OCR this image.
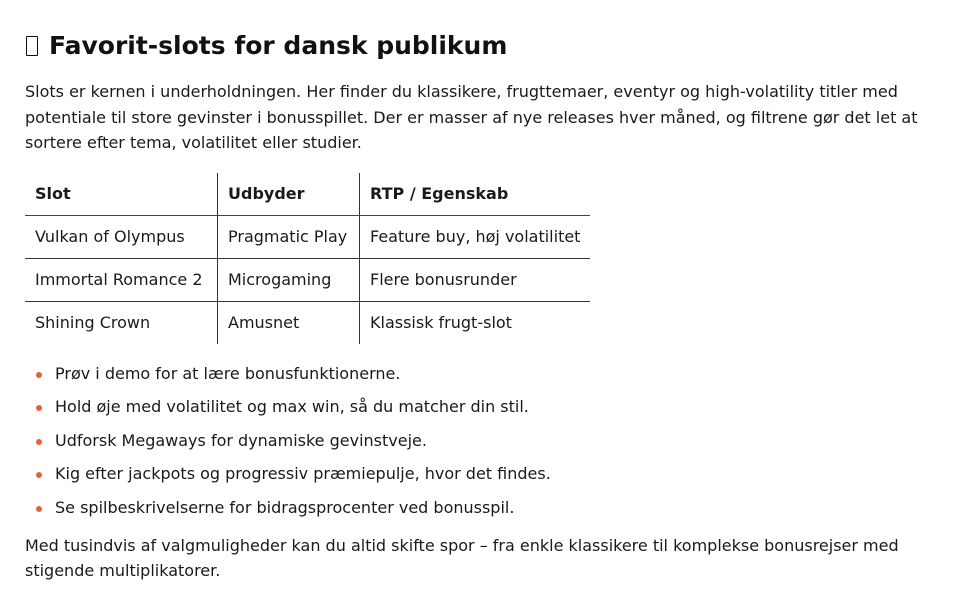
Favorit-slots for dansk publikum

Slots er kernen i underholdningen. Her finder du klassikere, frugttemaer, eventyr og high-volatility titler med potentiale til store gevinster i bonusspillet. Der er masser af nye releases hver måned, og filtrene gør det let at sortere efter tema, volatilitet eller studier.

Slot	Udbyder	RTP / Egenskab
Vulkan of Olympus	Pragmatic Play	Feature buy, høj volatilitet
Immortal Romance 2	Microgaming	Flere bonusrunder
Shining Crown	Amusnet	Klassisk frugt-slot
Prøv i demo for at lære bonusfunktionerne.
Hold øje med volatilitet og max win, så du matcher din stil.
Udforsk Megaways for dynamiske gevinstveje.
Kig efter jackpots og progressiv præmiepulje, hvor det findes.
Se spilbeskrivelserne for bidragsprocenter ved bonusspil.

Med tusindvis af valgmuligheder kan du altid skifte spor – fra enkle klassikere til komplekse bonusrejser med stigende multiplikatorer.
